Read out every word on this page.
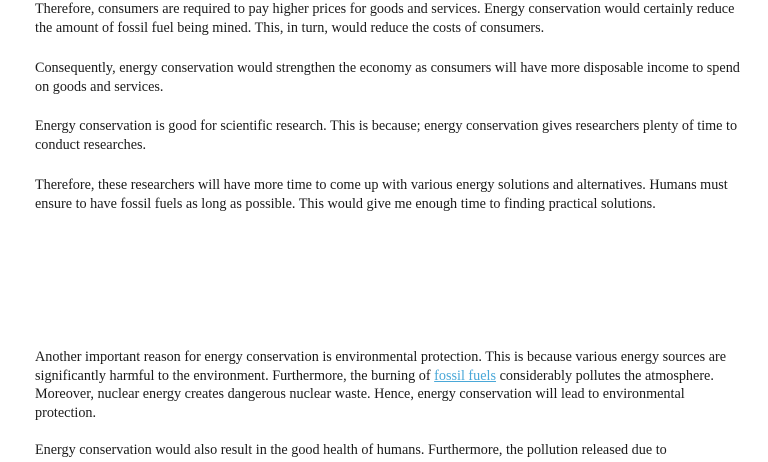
Therefore, consumers are required to pay higher prices for goods and services. Energy conservation would certainly reduce the amount of fossil fuel being mined. This, in turn, would reduce the costs of consumers.

Consequently, energy conservation would strengthen the economy as consumers will have more disposable income to spend on goods and services.

Energy conservation is good for scientific research. This is because; energy conservation gives researchers plenty of time to conduct researches.

Therefore, these researchers will have more time to come up with various energy solutions and alternatives. Humans must ensure to have fossil fuels as long as possible. This would give me enough time to finding practical solutions.

Another important reason for energy conservation is environmental protection. This is because various energy sources are significantly harmful to the environment. Furthermore, the burning of fossil fuels considerably pollutes the atmosphere. Moreover, nuclear energy creates dangerous nuclear waste. Hence, energy conservation will lead to environmental protection.

Energy conservation would also result in the good health of humans. Furthermore, the pollution released due to
